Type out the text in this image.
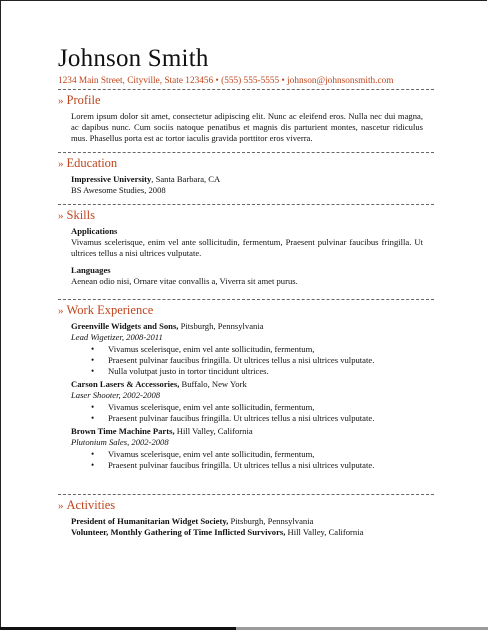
Johnson Smith
1234 Main Street, Cityville, State 123456 • (555) 555-5555 • johnson@johnsonsmith.com
» Profile
Lorem ipsum dolor sit amet, consectetur adipiscing elit. Nunc ac eleifend eros. Nulla nec dui magna, ac dapibus nunc. Cum sociis natoque penatibus et magnis dis parturient montes, nascetur ridiculus mus. Phasellus porta est ac tortor iaculis gravida porttitor eros viverra.
» Education
Impressive University, Santa Barbara, CA
BS Awesome Studies, 2008
» Skills
Applications
Vivamus scelerisque, enim vel ante sollicitudin, fermentum, Praesent pulvinar faucibus fringilla. Ut ultrices tellus a nisi ultrices vulputate.
Languages
Aenean odio nisi, Ornare vitae convallis a, Viverra sit amet purus.
» Work Experience
Greenville Widgets and Sons, Pitsburgh, Pennsylvania
Lead Wigetizer, 2008-2011
• Vivamus scelerisque, enim vel ante sollicitudin, fermentum,
• Praesent pulvinar faucibus fringilla. Ut ultrices tellus a nisi ultrices vulputate.
• Nulla volutpat justo in tortor tincidunt ultrices.
Carson Lasers & Accessories, Buffalo, New York
Laser Shooter, 2002-2008
• Vivamus scelerisque, enim vel ante sollicitudin, fermentum,
• Praesent pulvinar faucibus fringilla. Ut ultrices tellus a nisi ultrices vulputate.
Brown Time Machine Parts, Hill Valley, California
Plutonium Sales, 2002-2008
• Vivamus scelerisque, enim vel ante sollicitudin, fermentum,
• Praesent pulvinar faucibus fringilla. Ut ultrices tellus a nisi ultrices vulputate.
» Activities
President of Humanitarian Widget Society, Pitsburgh, Pennsylvania
Volunteer, Monthly Gathering of Time Inflicted Survivors, Hill Valley, California
